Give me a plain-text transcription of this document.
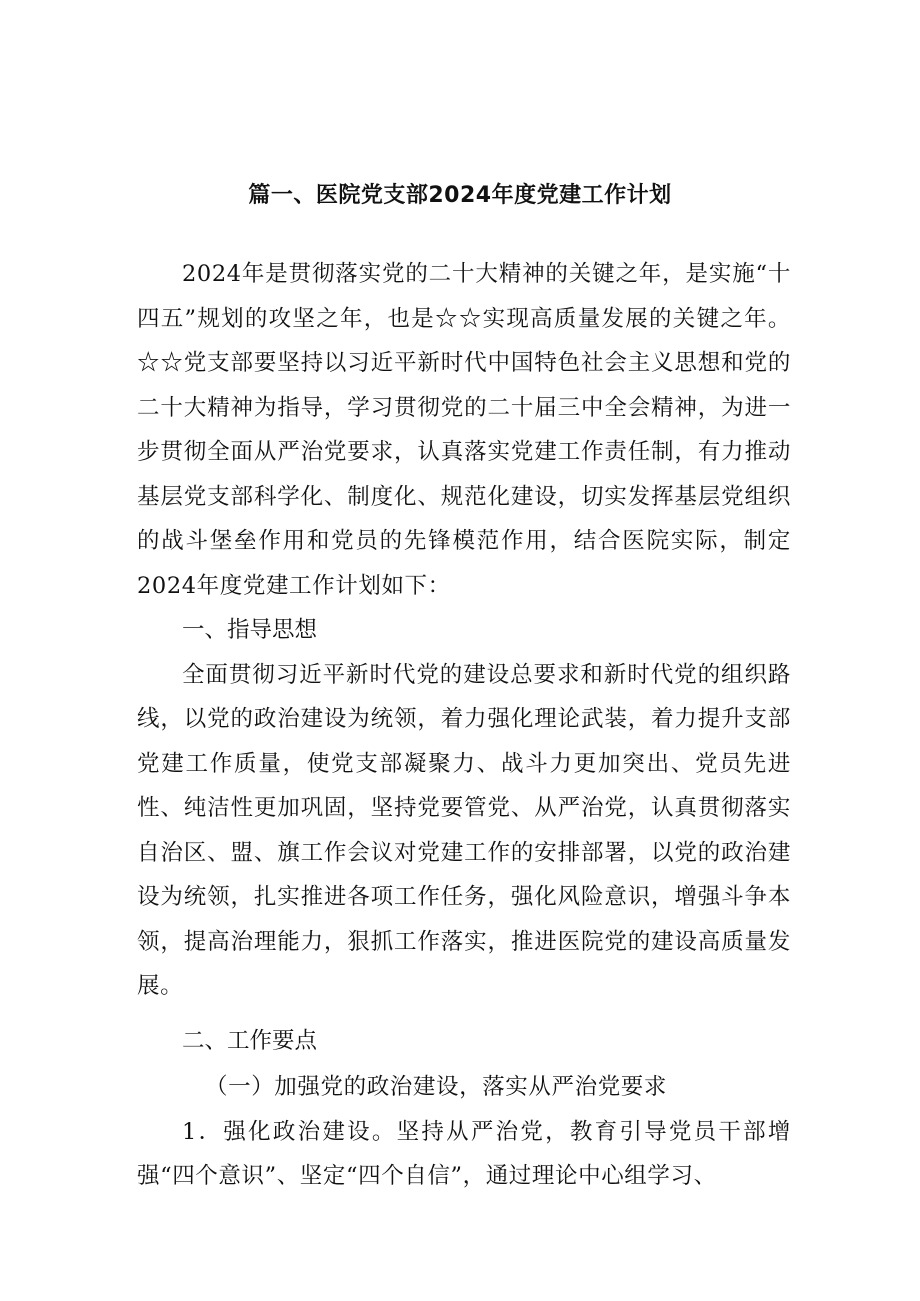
篇一、医院党支部2024年度党建工作计划

2024年是贯彻落实党的二十大精神的关键之年，是实施“十四五”规划的攻坚之年，也是☆☆实现高质量发展的关键之年。☆☆党支部要坚持以习近平新时代中国特色社会主义思想和党的二十大精神为指导，学习贯彻党的二十届三中全会精神，为进一步贯彻全面从严治党要求，认真落实党建工作责任制，有力推动基层党支部科学化、制度化、规范化建设，切实发挥基层党组织的战斗堡垒作用和党员的先锋模范作用，结合医院实际，制定2024年度党建工作计划如下：

一、指导思想

全面贯彻习近平新时代党的建设总要求和新时代党的组织路线，以党的政治建设为统领，着力强化理论武装，着力提升支部党建工作质量，使党支部凝聚力、战斗力更加突出、党员先进性、纯洁性更加巩固，坚持党要管党、从严治党，认真贯彻落实自治区、盟、旗工作会议对党建工作的安排部署，以党的政治建设为统领，扎实推进各项工作任务，强化风险意识，增强斗争本领，提高治理能力，狠抓工作落实，推进医院党的建设高质量发展。

二、工作要点

（一）加强党的政治建设，落实从严治党要求

1．强化政治建设。坚持从严治党，教育引导党员干部增强“四个意识”、坚定“四个自信”，通过理论中心组学习、
